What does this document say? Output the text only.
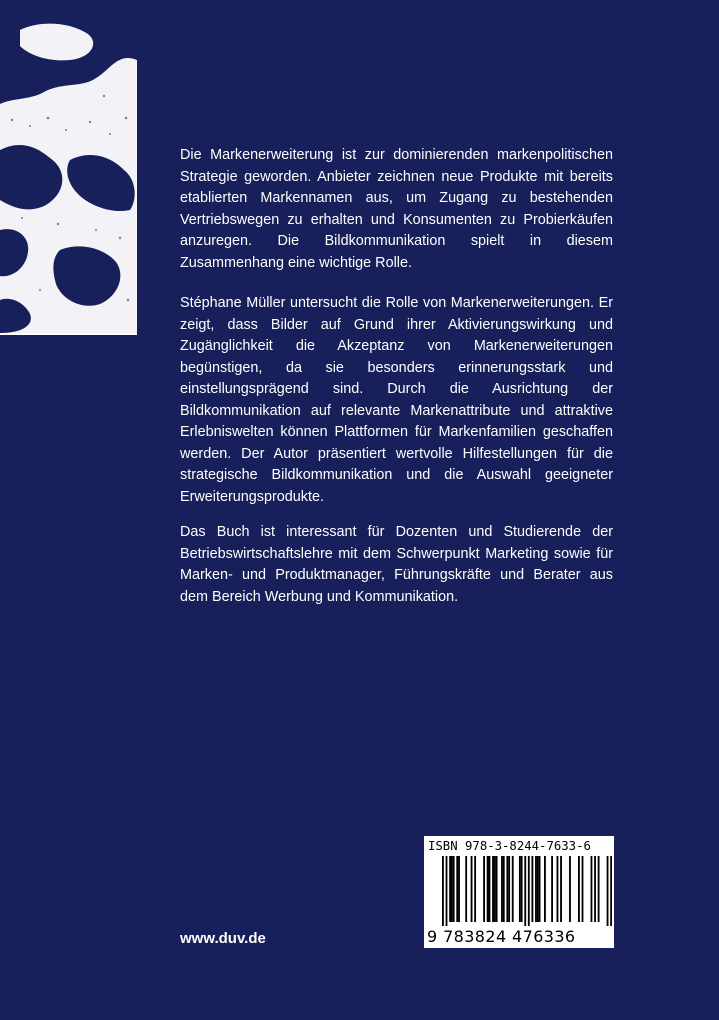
Die Markenerweiterung ist zur dominierenden markenpolitischen Strategie geworden. Anbieter zeichnen neue Produkte mit bereits etablierten Markennamen aus, um Zugang zu bestehenden Vertriebswegen zu erhalten und Konsumenten zu Probierkäufen anzuregen. Die Bildkommunikation spielt in diesem Zusammenhang eine wichtige Rolle.

Stéphane Müller untersucht die Rolle von Markenerweiterungen. Er zeigt, dass Bilder auf Grund ihrer Aktivierungswirkung und Zugänglichkeit die Akzeptanz von Markenerweiterungen begünstigen, da sie besonders erinnerungsstark und einstellungsprägend sind. Durch die Ausrichtung der Bildkommunikation auf relevante Markenattribute und attraktive Erlebniswelten können Plattformen für Markenfamilien geschaffen werden. Der Autor präsentiert wertvolle Hilfestellungen für die strategische Bildkommunikation und die Auswahl geeigneter Erweiterungsprodukte.

Das Buch ist interessant für Dozenten und Studierende der Betriebswirtschaftslehre mit dem Schwerpunkt Marketing sowie für Marken- und Produktmanager, Führungskräfte und Berater aus dem Bereich Werbung und Kommunikation.

www.duv.de
ISBN 978-3-8244-7633-6
9 783824 476336
